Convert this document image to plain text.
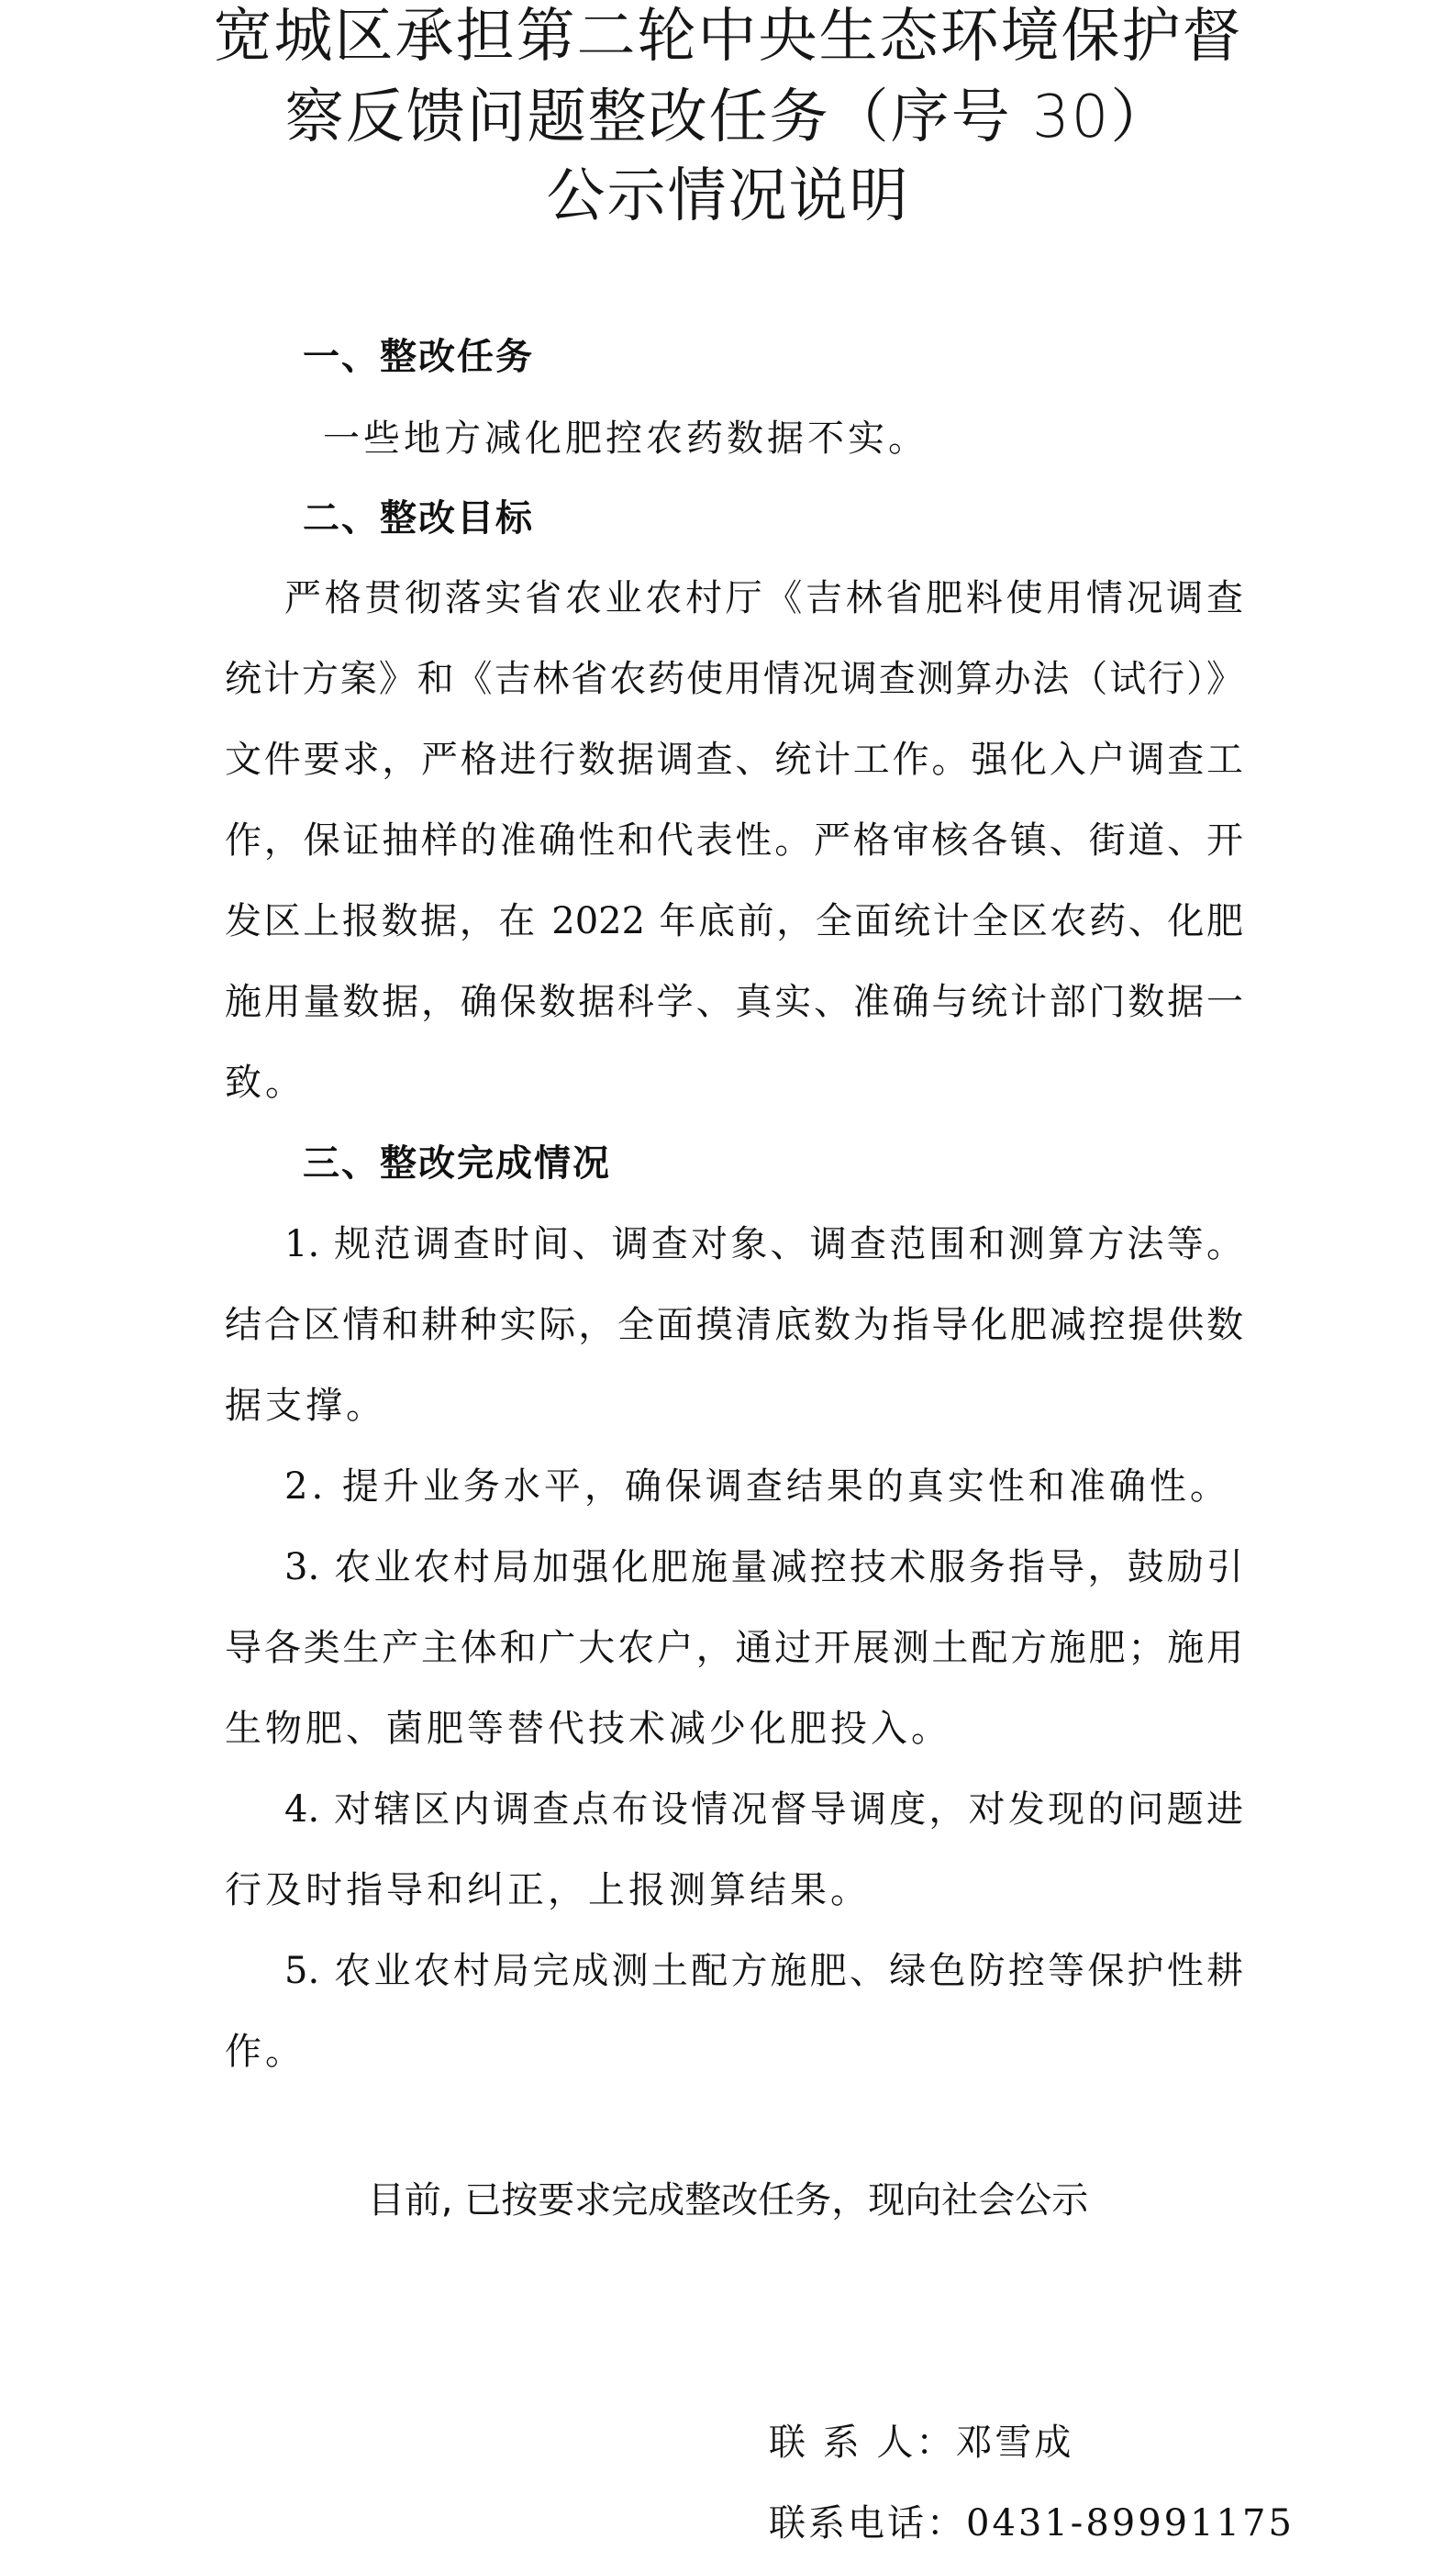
宽城区承担第二轮中央生态环境保护督
察反馈问题整改任务（序号 30）
公示情况说明
一、整改任务
一些地方减化肥控农药数据不实。
二、整改目标
严格贯彻落实省农业农村厅《吉林省肥料使用情况调查
统计方案》和《吉林省农药使用情况调查测算办法（试行）》
文件要求，严格进行数据调查、统计工作。强化入户调查工
作，保证抽样的准确性和代表性。严格审核各镇、街道、开
发区上报数据，在 2022 年底前，全面统计全区农药、化肥
施用量数据，确保数据科学、真实、准确与统计部门数据一
致。
三、整改完成情况
1. 规范调查时间、调查对象、调查范围和测算方法等。
结合区情和耕种实际，全面摸清底数为指导化肥减控提供数
据支撑。
2. 提升业务水平，确保调查结果的真实性和准确性。
3. 农业农村局加强化肥施量减控技术服务指导，鼓励引
导各类生产主体和广大农户，通过开展测土配方施肥；施用
生物肥、菌肥等替代技术减少化肥投入。
4. 对辖区内调查点布设情况督导调度，对发现的问题进
行及时指导和纠正，上报测算结果。
5. 农业农村局完成测土配方施肥、绿色防控等保护性耕
作。
目前, 已按要求完成整改任务，现向社会公示
联 系 人：邓雪成
联系电话：0431-89991175
